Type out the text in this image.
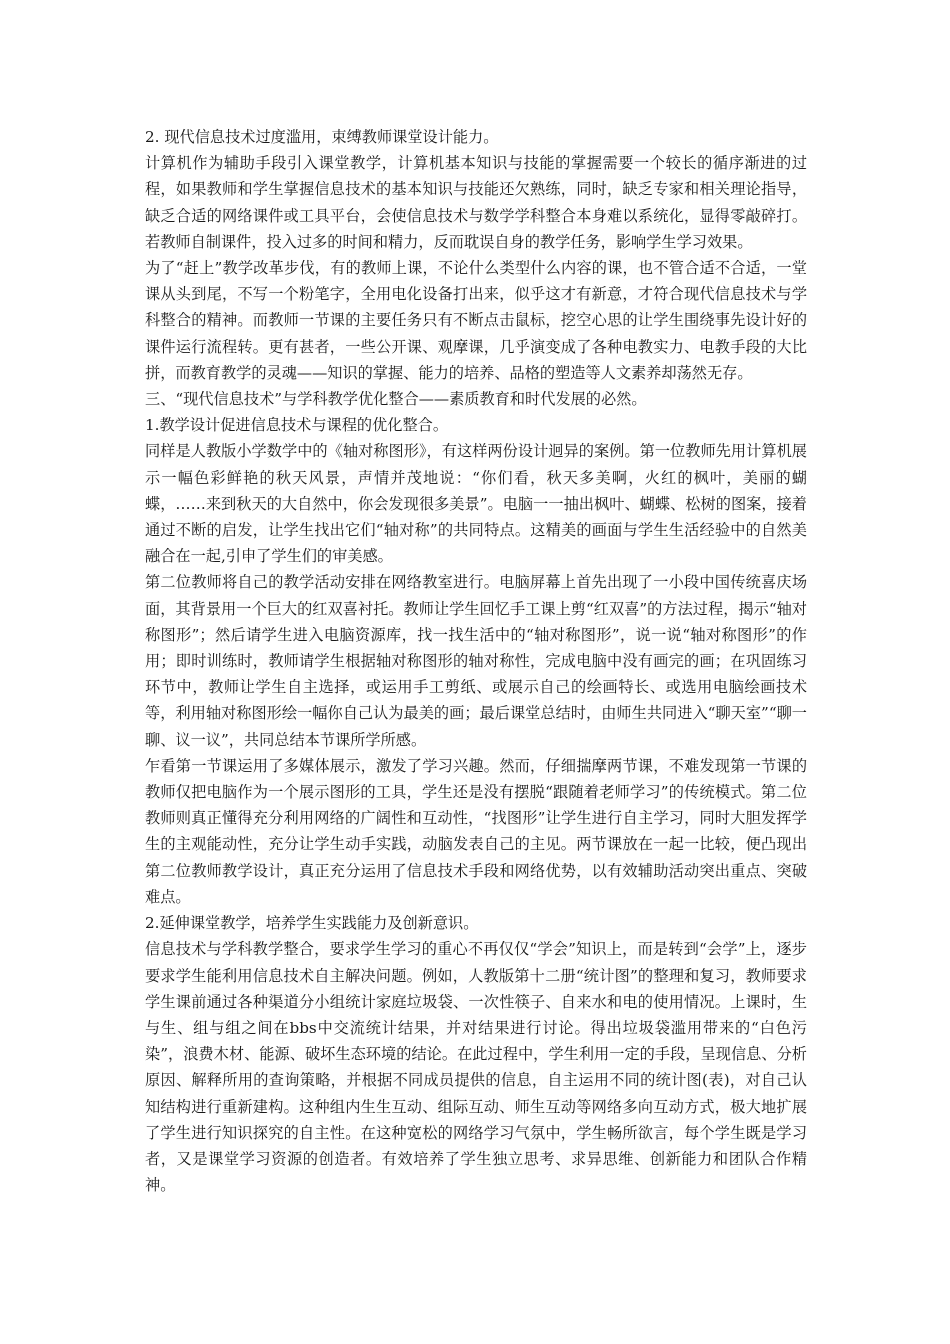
2. 现代信息技术过度滥用，束缚教师课堂设计能力。

计算机作为辅助手段引入课堂教学，计算机基本知识与技能的掌握需要一个较长的循序渐进的过程，如果教师和学生掌握信息技术的基本知识与技能还欠熟练，同时，缺乏专家和相关理论指导，缺乏合适的网络课件或工具平台，会使信息技术与数学学科整合本身难以系统化，显得零敲碎打。若教师自制课件，投入过多的时间和精力，反而耽误自身的教学任务，影响学生学习效果。

为了“赶上”教学改革步伐，有的教师上课，不论什么类型什么内容的课，也不管合适不合适，一堂课从头到尾，不写一个粉笔字，全用电化设备打出来，似乎这才有新意，才符合现代信息技术与学科整合的精神。而教师一节课的主要任务只有不断点击鼠标，挖空心思的让学生围绕事先设计好的课件运行流程转。更有甚者，一些公开课、观摩课，几乎演变成了各种电教实力、电教手段的大比拼，而教育教学的灵魂——知识的掌握、能力的培养、品格的塑造等人文素养却荡然无存。

三、“现代信息技术”与学科教学优化整合——素质教育和时代发展的必然。

1.教学设计促进信息技术与课程的优化整合。

同样是人教版小学数学中的《轴对称图形》，有这样两份设计迥异的案例。第一位教师先用计算机展示一幅色彩鲜艳的秋天风景，声情并茂地说：“你们看，秋天多美啊，火红的枫叶，美丽的蝴蝶，……来到秋天的大自然中，你会发现很多美景”。电脑一一抽出枫叶、蝴蝶、松树的图案，接着通过不断的启发，让学生找出它们“轴对称”的共同特点。这精美的画面与学生生活经验中的自然美融合在一起,引申了学生们的审美感。

第二位教师将自己的教学活动安排在网络教室进行。电脑屏幕上首先出现了一小段中国传统喜庆场面，其背景用一个巨大的红双喜衬托。教师让学生回忆手工课上剪“红双喜”的方法过程，揭示“轴对称图形”；然后请学生进入电脑资源库，找一找生活中的“轴对称图形”，说一说“轴对称图形”的作用；即时训练时，教师请学生根据轴对称图形的轴对称性，完成电脑中没有画完的画；在巩固练习环节中，教师让学生自主选择，或运用手工剪纸、或展示自己的绘画特长、或选用电脑绘画技术等，利用轴对称图形绘一幅你自己认为最美的画；最后课堂总结时，由师生共同进入“聊天室”“聊一聊、议一议”，共同总结本节课所学所感。

乍看第一节课运用了多媒体展示，激发了学习兴趣。然而，仔细揣摩两节课，不难发现第一节课的教师仅把电脑作为一个展示图形的工具，学生还是没有摆脱“跟随着老师学习”的传统模式。第二位教师则真正懂得充分利用网络的广阔性和互动性，“找图形”让学生进行自主学习，同时大胆发挥学生的主观能动性，充分让学生动手实践，动脑发表自己的主见。两节课放在一起一比较，便凸现出第二位教师教学设计，真正充分运用了信息技术手段和网络优势，以有效辅助活动突出重点、突破难点。

2.延伸课堂教学，培养学生实践能力及创新意识。

信息技术与学科教学整合，要求学生学习的重心不再仅仅“学会”知识上，而是转到“会学”上，逐步要求学生能利用信息技术自主解决问题。例如，人教版第十二册“统计图”的整理和复习，教师要求学生课前通过各种渠道分小组统计家庭垃圾袋、一次性筷子、自来水和电的使用情况。上课时，生与生、组与组之间在bbs中交流统计结果，并对结果进行讨论。得出垃圾袋滥用带来的“白色污染”，浪费木材、能源、破坏生态环境的结论。在此过程中，学生利用一定的手段，呈现信息、分析原因、解释所用的查询策略，并根据不同成员提供的信息，自主运用不同的统计图(表)，对自己认知结构进行重新建构。这种组内生生互动、组际互动、师生互动等网络多向互动方式，极大地扩展了学生进行知识探究的自主性。在这种宽松的网络学习气氛中，学生畅所欲言，每个学生既是学习者，又是课堂学习资源的创造者。有效培养了学生独立思考、求异思维、创新能力和团队合作精神。
